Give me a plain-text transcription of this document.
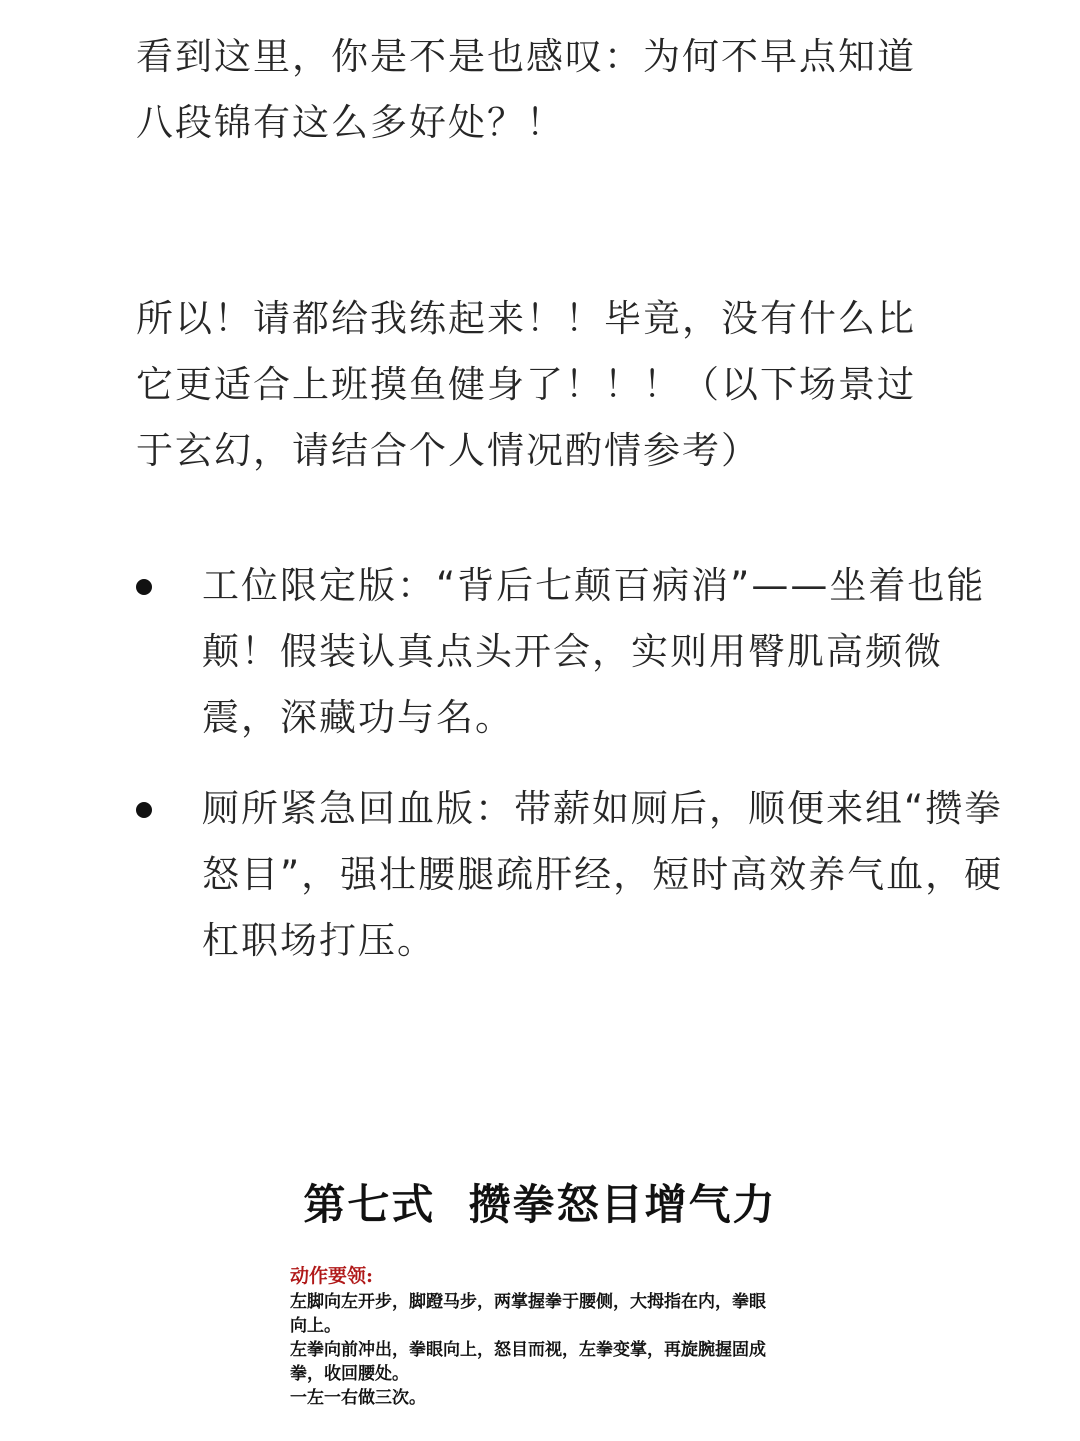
看到这里，你是不是也感叹：为何不早点知道八段锦有这么多好处？！

所以！请都给我练起来！！毕竟，没有什么比它更适合上班摸鱼健身了！！！（以下场景过于玄幻，请结合个人情况酌情参考）

工位限定版：“背后七颠百病消”——坐着也能颠！假装认真点头开会，实则用臀肌高频微震，深藏功与名。
厕所紧急回血版：带薪如厕后，顺便来组“攒拳怒目”，强壮腰腿疏肝经，短时高效养气血，硬杠职场打压。
第七式  攒拳怒目增气力

动作要领:

左脚向左开步，脚蹬马步，两掌握拳于腰侧，大拇指在内，拳眼向上。

左拳向前冲出，拳眼向上，怒目而视，左拳变掌，再旋腕握固成拳，收回腰处。

一左一右做三次。
